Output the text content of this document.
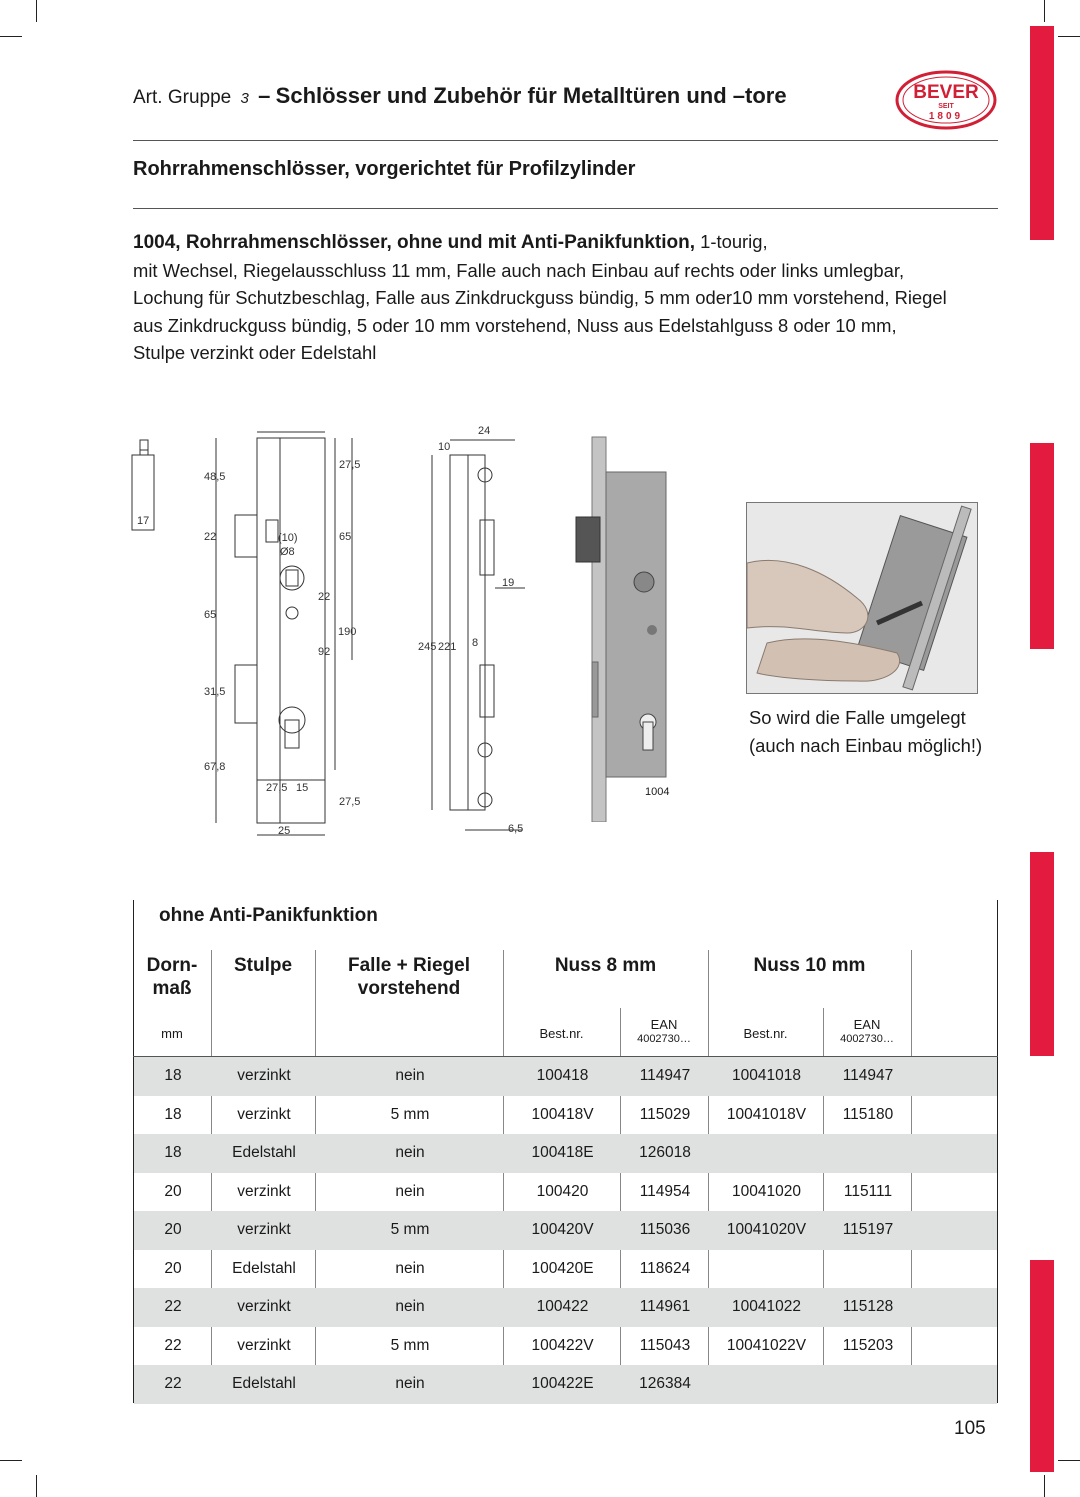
Art. Gruppe 3 – Schlösser und Zubehör für Metalltüren und –tore	BEVER
SEIT
1809
Rohrrahmenschlösser, vorgerichtet für Profilzylinder
1004, Rohrrahmenschlösser, ohne und mit Anti-Panikfunktion, 1-tourig,
mit Wechsel, Riegelausschluss 11 mm, Falle auch nach Einbau auf rechts oder links umlegbar,
Lochung für Schutzbeschlag, Falle aus Zinkdruckguss bündig, 5 mm oder10 mm vorstehend, Riegel
aus Zinkdruckguss bündig, 5 oder 10 mm vorstehend, Nuss aus Edelstahlguss 8 oder 10 mm,
Stulpe verzinkt oder Edelstahl
17
24
10
27,5
48,5
22	65
(10)
Ø8
65
22
190
92	245 221
19
8
31,5
67,8
27,5 15
27,5
25	6,5
1004
So wird die Falle umgelegt
(auch nach Einbau möglich!)
ohne Anti-Panikfunktion
Dorn-
maß
Stulpe	Falle + Riegel
vorstehend
Nuss 8 mm	Nuss 10 mm
mm	Best.nr.
EAN
4002730…	Best.nr.
EAN
4002730…
18	verzinkt	nein	100418	114947	10041018	114947
18	verzinkt	5 mm	100418V	115029	10041018V	115180
18	Edelstahl	nein	100418E	126018
20	verzinkt	nein	100420	114954	10041020	115111
20	verzinkt	5 mm	100420V	115036	10041020V	115197
20	Edelstahl	nein	100420E	118624
22	verzinkt	nein	100422	114961	10041022	115128
22	verzinkt	5 mm	100422V	115043	10041022V	115203
22	Edelstahl	nein	100422E	126384
105
